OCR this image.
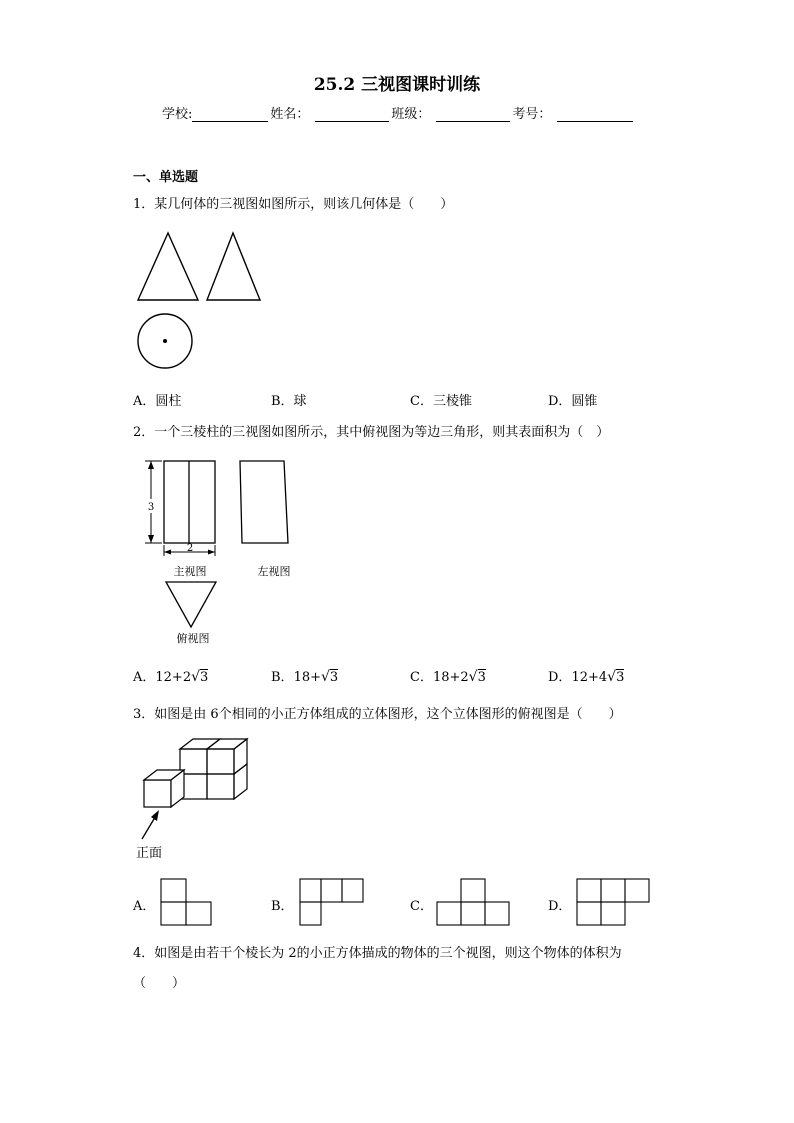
25.2 三视图课时训练
学校:	姓名：	班级：	考号：
一、单选题
1．某几何体的三视图如图所示，则该几何体是（　　）
A．圆柱	B．球	C．三棱锥	D．圆锥
2．一个三棱柱的三视图如图所示，其中俯视图为等边三角形，则其表面积为（　）
3
2
主视图	左视图
俯视图
A．12+2√3	B．18+√3	C．18+2√3	D．12+4√3
3．如图是由 6个相同的小正方体组成的立体图形，这个立体图形的俯视图是（　　）
正面
A．	B．	C．	D．
4．如图是由若干个棱长为 2的小正方体描成的物体的三个视图，则这个物体的体积为
（　　）
